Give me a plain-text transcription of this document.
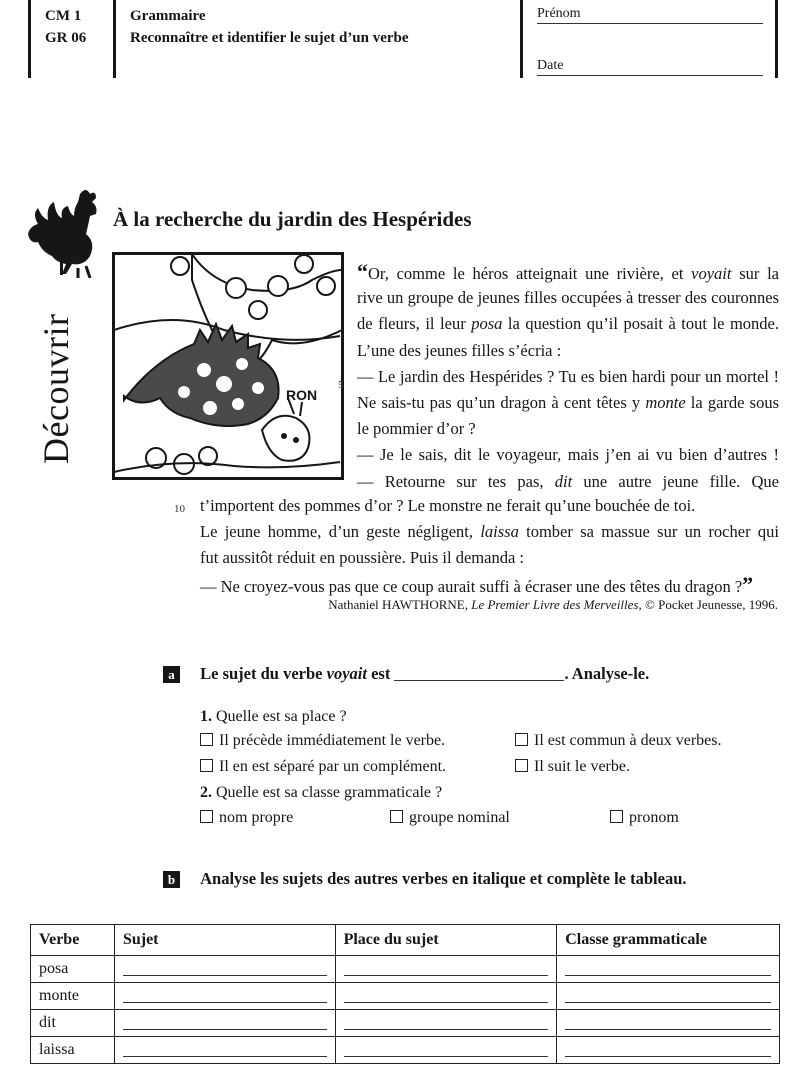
CM 1
GR 06
Grammaire
Reconnaître et identifier le sujet d’un verbe
Prénom
Date
Découvrir
À la recherche du jardin des Hespérides
RON
5
10
“Or, comme le héros atteignait une rivière, et voyait sur la
rive un groupe de jeunes filles occupées à tresser des couronnes
de fleurs, il leur posa la question qu’il posait à tout le monde.
L’une des jeunes filles s’écria :
— Le jardin des Hespérides ? Tu es bien hardi pour un mortel !
Ne sais-tu pas qu’un dragon à cent têtes y monte la garde sous
le pommier d’or ?
— Je le sais, dit le voyageur, mais j’en ai vu bien d’autres !
— Retourne sur tes pas, dit une autre jeune fille. Que
t’importent des pommes d’or ? Le monstre ne ferait qu’une bouchée de toi.
Le jeune homme, d’un geste négligent, laissa tomber sa massue sur un rocher qui
fut aussitôt réduit en poussière. Puis il demanda :
— Ne croyez-vous pas que ce coup aurait suffi à écraser une des têtes du dragon ?”
Nathaniel HAWTHORNE, Le Premier Livre des Merveilles, © Pocket Jeunesse, 1996.
a Le sujet du verbe voyait est	. Analyse-le.
1. Quelle est sa place ?
Il précède immédiatement le verbe.	Il est commun à deux verbes.
Il en est séparé par un complément.	Il suit le verbe.
2. Quelle est sa classe grammaticale ?
nom propre	groupe nominal	pronom
b Analyse les sujets des autres verbes en italique et complète le tableau.
Verbe	Sujet	Place du sujet	Classe grammaticale
posa	

monte	

dit	

laissa	
